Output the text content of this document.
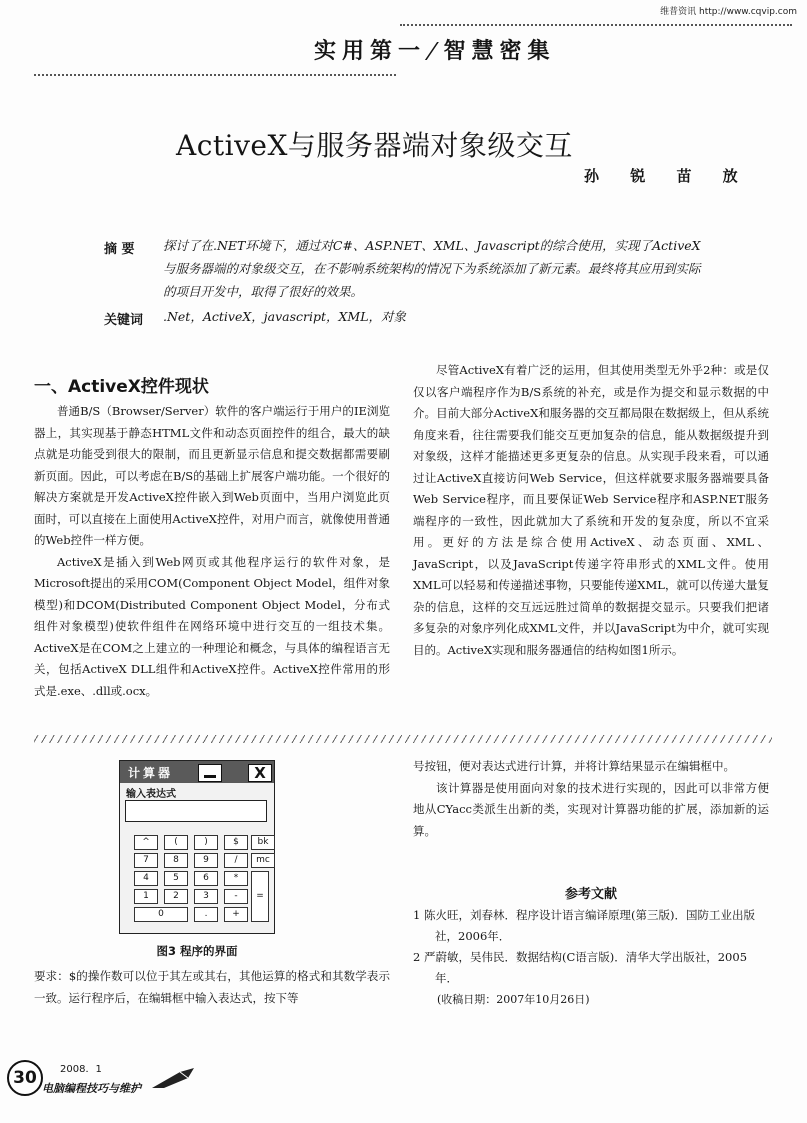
维普资讯 http://www.cqvip.com
实用第一/智慧密集
ActiveX与服务器端对象级交互
孙 锐 苗 放
摘 要 探讨了在.NET环境下，通过对C#、ASP.NET、XML、Javascript的综合使用，实现了ActiveX与服务器端的对象级交互，在不影响系统架构的情况下为系统添加了新元素。最终将其应用到实际的项目开发中，取得了很好的效果。
关键词 .Net，ActiveX，javascript，XML，对象
一、ActiveX控件现状

普通B/S（Browser/Server）软件的客户端运行于用户的IE浏览器上，其实现基于静态HTML文件和动态页面控件的组合，最大的缺点就是功能受到很大的限制，而且更新显示信息和提交数据都需要刷新页面。因此，可以考虑在B/S的基础上扩展客户端功能。一个很好的解决方案就是开发ActiveX控件嵌入到Web页面中，当用户浏览此页面时，可以直接在上面使用ActiveX控件，对用户而言，就像使用普通的Web控件一样方便。

ActiveX是插入到Web网页或其他程序运行的软件对象，是Microsoft提出的采用COM(Component Object Model，组件对象模型)和DCOM(Distributed Component Object Model，分布式组件对象模型)使软件组件在网络环境中进行交互的一组技术集。ActiveX是在COM之上建立的一种理论和概念，与具体的编程语言无关，包括ActiveX DLL组件和ActiveX控件。ActiveX控件常用的形式是.exe、.dll或.ocx。

尽管ActiveX有着广泛的运用，但其使用类型无外乎2种：或是仅仅以客户端程序作为B/S系统的补充，或是作为提交和显示数据的中介。目前大部分ActiveX和服务器的交互都局限在数据级上，但从系统角度来看，往往需要我们能交互更加复杂的信息，能从数据级提升到对象级，这样才能描述更多更复杂的信息。从实现手段来看，可以通过让ActiveX直接访问Web Service，但这样就要求服务器端要具备Web Service程序，而且要保证Web Service程序和ASP.NET服务端程序的一致性，因此就加大了系统和开发的复杂度，所以不宜采用。更好的方法是综合使用ActiveX、动态页面、XML、JavaScript，以及JavaScript传递字符串形式的XML文件。使用XML可以轻易和传递描述事物，只要能传递XML，就可以传递大量复杂的信息，这样的交互远远胜过简单的数据提交显示。只要我们把诸多复杂的对象序列化成XML文件，并以JavaScript为中介，就可实现目的。ActiveX实现和服务器通信的结构如图1所示。

计算器	X
输入表达式
^	(	)	$	bk
7	8	9	/	mc
4	5	6	*
1	2	3	-
0	.	+
=
图3 程序的界面
要求：$的操作数可以位于其左或其右，其他运算的格式和其数学表示一致。运行程序后，在编辑框中输入表达式，按下等

号按钮，便对表达式进行计算，并将计算结果显示在编辑框中。

该计算器是使用面向对象的技术进行实现的，因此可以非常方便地从CYacc类派生出新的类，实现对计算器功能的扩展，添加新的运算。

参考文献
1 陈火旺，刘春林．程序设计语言编译原理(第三版)．国防工业出版社，2006年．
2 严蔚敏，吴伟民．数据结构(C语言版)．清华大学出版社，2005年．
(收稿日期：2007年10月26日)
30	2008．1
电脑编程技巧与维护
